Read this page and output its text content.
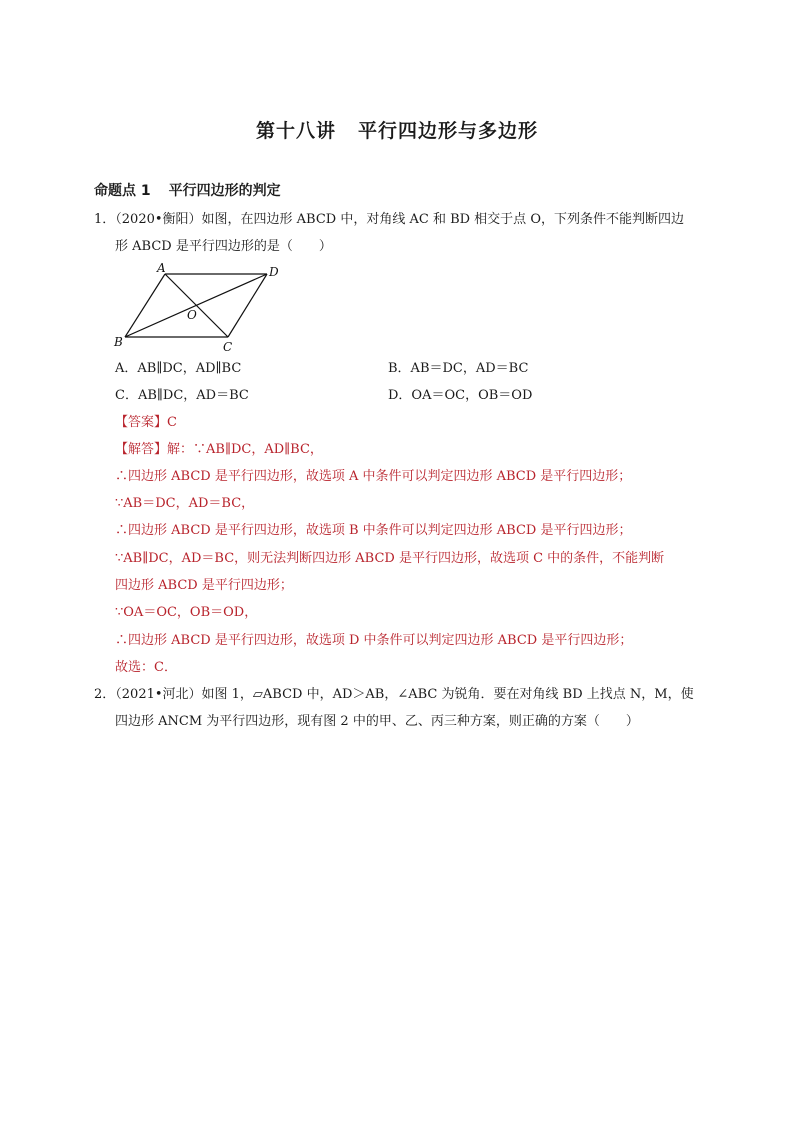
第十八讲 平行四边形与多边形
命题点 1 平行四边形的判定
1．（2020•衡阳）如图，在四边形 ABCD 中，对角线 AC 和 BD 相交于点 O，下列条件不能判断四边
形 ABCD 是平行四边形的是（　　）
A	D
B	C
O
A．AB∥DC，AD∥BC	B．AB＝DC，AD＝BC
C．AB∥DC，AD＝BC	D．OA＝OC，OB＝OD
【答案】C
【解答】解：∵AB∥DC，AD∥BC，
∴四边形 ABCD 是平行四边形，故选项 A 中条件可以判定四边形 ABCD 是平行四边形；
∵AB＝DC，AD＝BC，
∴四边形 ABCD 是平行四边形，故选项 B 中条件可以判定四边形 ABCD 是平行四边形；
∵AB∥DC，AD＝BC，则无法判断四边形 ABCD 是平行四边形，故选项 C 中的条件，不能判断
四边形 ABCD 是平行四边形；
∵OA＝OC，OB＝OD，
∴四边形 ABCD 是平行四边形，故选项 D 中条件可以判定四边形 ABCD 是平行四边形；
故选：C．
2．（2021•河北）如图 1，▱ABCD 中，AD＞AB，∠ABC 为锐角．要在对角线 BD 上找点 N，M，使
四边形 ANCM 为平行四边形，现有图 2 中的甲、乙、丙三种方案，则正确的方案（　　）
